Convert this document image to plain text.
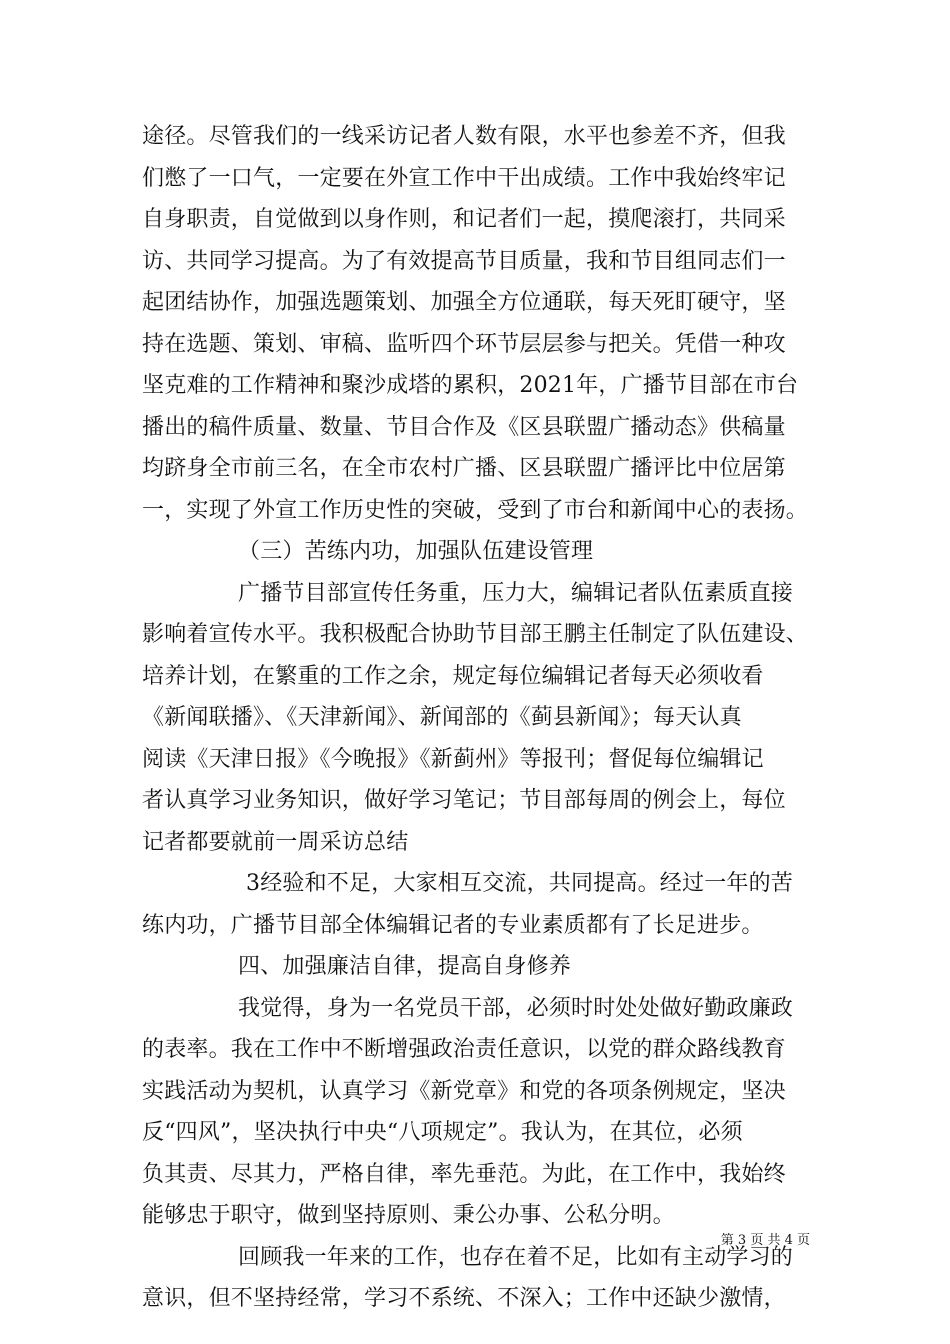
途径。尽管我们的一线采访记者人数有限，水平也参差不齐，但我
们憋了一口气，一定要在外宣工作中干出成绩。工作中我始终牢记
自身职责，自觉做到以身作则，和记者们一起，摸爬滚打，共同采
访、共同学习提高。为了有效提高节目质量，我和节目组同志们一
起团结协作，加强选题策划、加强全方位通联，每天死盯硬守，坚
持在选题、策划、审稿、监听四个环节层层参与把关。凭借一种攻
坚克难的工作精神和聚沙成塔的累积，2021年，广播节目部在市台
播出的稿件质量、数量、节目合作及《区县联盟广播动态》供稿量
均跻身全市前三名，在全市农村广播、区县联盟广播评比中位居第
一，实现了外宣工作历史性的突破，受到了市台和新闻中心的表扬。
（三）苦练内功，加强队伍建设管理
广播节目部宣传任务重，压力大，编辑记者队伍素质直接
影响着宣传水平。我积极配合协助节目部王鹏主任制定了队伍建设、
培养计划，在繁重的工作之余，规定每位编辑记者每天必须收看
《新闻联播》、《天津新闻》、新闻部的《蓟县新闻》；每天认真
阅读《天津日报》《今晚报》《新蓟州》等报刊；督促每位编辑记
者认真学习业务知识，做好学习笔记；节目部每周的例会上，每位
记者都要就前一周采访总结
3经验和不足，大家相互交流，共同提高。经过一年的苦
练内功，广播节目部全体编辑记者的专业素质都有了长足进步。
四、加强廉洁自律，提高自身修养
我觉得，身为一名党员干部，必须时时处处做好勤政廉政
的表率。我在工作中不断增强政治责任意识，以党的群众路线教育
实践活动为契机，认真学习《新党章》和党的各项条例规定，坚决
反“四风”，坚决执行中央“八项规定”。我认为，在其位，必须
负其责、尽其力，严格自律，率先垂范。为此，在工作中，我始终
能够忠于职守，做到坚持原则、秉公办事、公私分明。
回顾我一年来的工作，也存在着不足，比如有主动学习的
意识，但不坚持经常，学习不系统、不深入；工作中还缺少激情，
第 3 页 共 4 页
